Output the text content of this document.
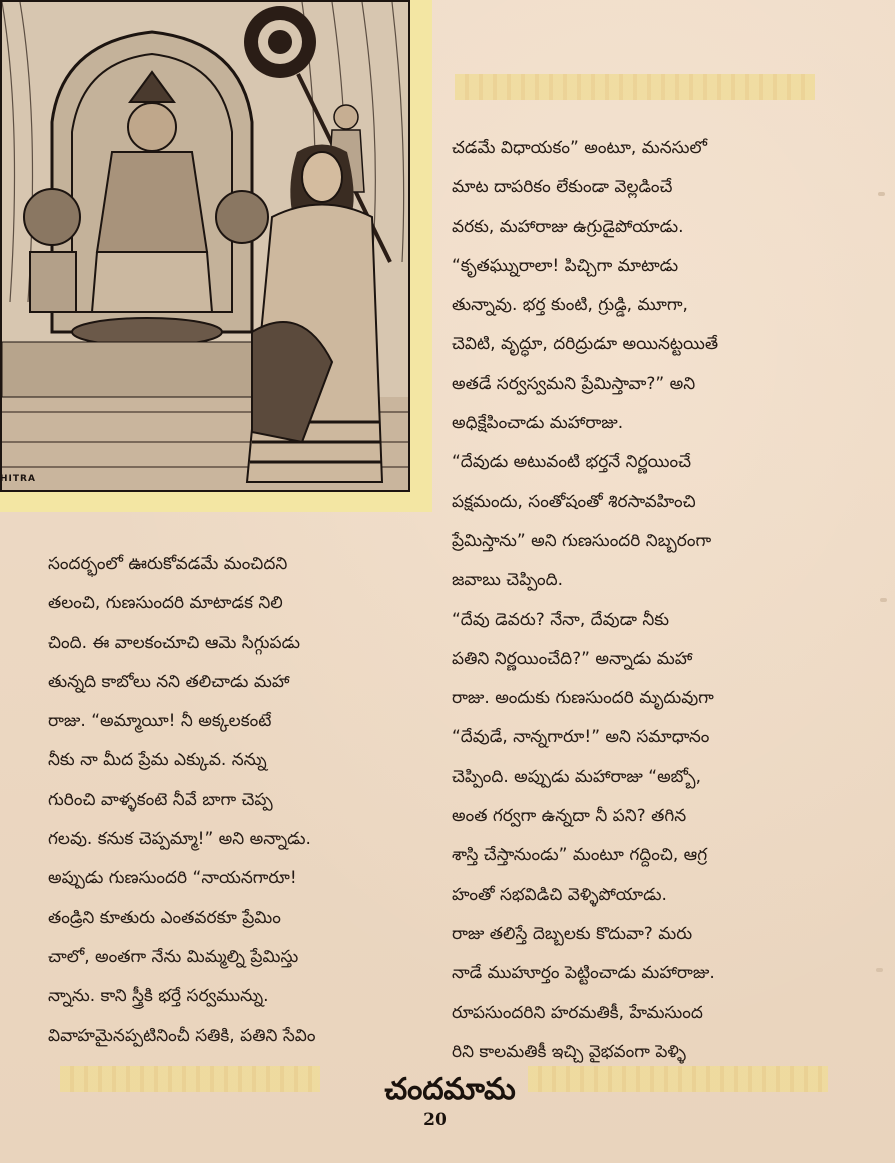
HITRA
చడమే విధాయకం” అంటూ, మనసులో
మాట దాపరికం లేకుండా వెల్లడించే
వరకు, మహారాజు ఉగ్రుడైపోయాడు.
“కృతఘ్నురాలా! పిచ్చిగా మాటాడు
తున్నావు. భర్త కుంటి, గ్రుడ్డి, మూగా,
చెవిటి, వృద్ధూ, దరిద్రుడూ అయినట్టయితే
అతడే సర్వస్వమని ప్రేమిస్తావా?” అని
అధిక్షేపించాడు మహారాజు.
“దేవుడు అటువంటి భర్తనే నిర్ణయించే
పక్షమందు, సంతోషంతో శిరసావహించి
ప్రేమిస్తాను” అని గుణసుందరి నిబ్బరంగా
జవాబు చెప్పింది.
“దేవు డెవరు? నేనా, దేవుడా నీకు
పతిని నిర్ణయించేది?” అన్నాడు మహా
రాజు. అందుకు గుణసుందరి మృదువుగా
“దేవుడే, నాన్నగారూ!” అని సమాధానం
చెప్పింది. అప్పుడు మహారాజు “అబ్బో,
అంత గర్వగా ఉన్నదా నీ పని? తగిన
శాస్తి చేస్తానుండు” మంటూ గద్దించి, ఆగ్ర
హంతో సభవిడిచి వెళ్ళిపోయాడు.
రాజు తలిస్తే దెబ్బలకు కొదువా? మరు
నాడే ముహూర్తం పెట్టించాడు మహారాజు.
రూపసుందరిని హరమతికీ, హేమసుంద
రిని కాలమతికీ ఇచ్చి వైభవంగా పెళ్ళి
సందర్భంలో ఊరుకోవడమే మంచిదని
తలంచి, గుణసుందరి మాటాడక నిలి
చింది. ఈ వాలకంచూచి ఆమె సిగ్గుపడు
తున్నది కాబోలు నని తలిచాడు మహా
రాజు. “అమ్మాయీ! నీ అక్కలకంటే
నీకు నా మీద ప్రేమ ఎక్కువ. నన్ను
గురించి వాళ్ళకంటె నీవే బాగా చెప్ప
గలవు. కనుక చెప్పమ్మా!” అని అన్నాడు.
అప్పుడు గుణసుందరి “నాయనగారూ!
తండ్రిని కూతురు ఎంతవరకూ ప్రేమిం
చాలో, అంతగా నేను మిమ్మల్ని ప్రేమిస్తు
న్నాను. కాని స్త్రీకి భర్తే సర్వమున్ను.
వివాహమైనప్పటినించీ సతికి, పతిని సేవిం
చందమామ
20
